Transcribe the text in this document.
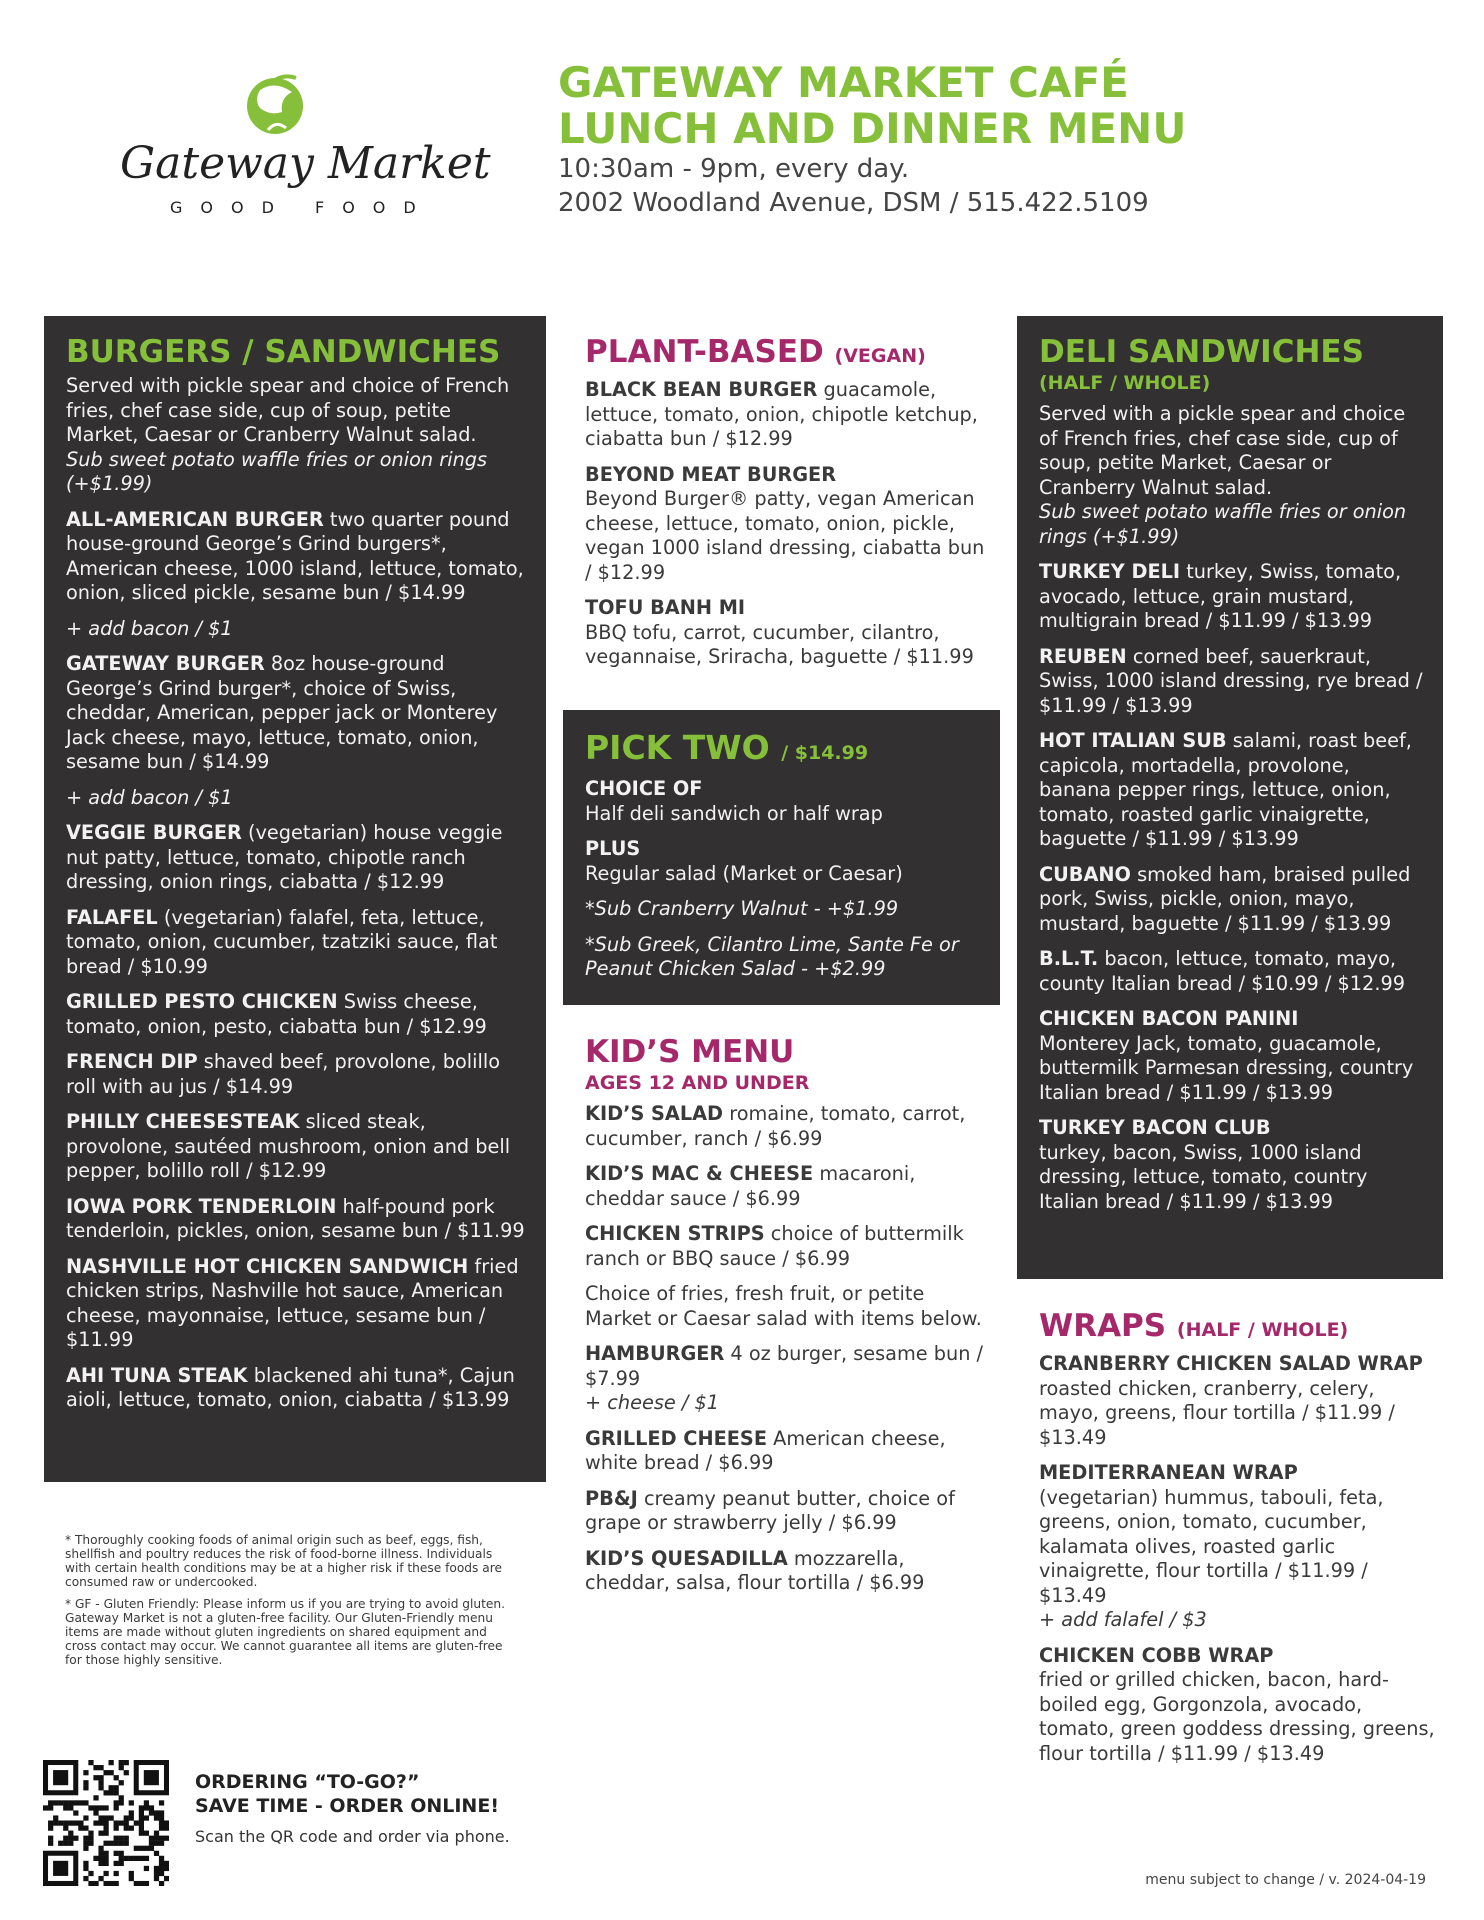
Gateway Market
GOOD FOOD
GATEWAY MARKET CAFÉ
LUNCH AND DINNER MENU
10:30am - 9pm, every day.
2002 Woodland Avenue, DSM / 515.422.5109
BURGERS / SANDWICHES

Served with pickle spear and choice of French fries, chef case side, cup of soup, petite Market, Caesar or Cranberry Walnut salad.

Sub sweet potato waffle fries or onion rings (+$1.99)

ALL-AMERICAN BURGER two quarter pound house-ground George’s Grind burgers*, American cheese, 1000 island, lettuce, tomato, onion, sliced pickle, sesame bun / $14.99

+ add bacon / $1

GATEWAY BURGER 8oz house-ground George’s Grind burger*, choice of Swiss, cheddar, American, pepper jack or Monterey Jack cheese, mayo, lettuce, tomato, onion, sesame bun / $14.99

+ add bacon / $1

VEGGIE BURGER (vegetarian) house veggie nut patty, lettuce, tomato, chipotle ranch dressing, onion rings, ciabatta / $12.99

FALAFEL (vegetarian) falafel, feta, lettuce, tomato, onion, cucumber, tzatziki sauce, flat bread / $10.99

GRILLED PESTO CHICKEN Swiss cheese, tomato, onion, pesto, ciabatta bun / $12.99

FRENCH DIP shaved beef, provolone, bolillo roll with au jus / $14.99

PHILLY CHEESESTEAK sliced steak, provolone, sautéed mushroom, onion and bell pepper, bolillo roll / $12.99

IOWA PORK TENDERLOIN half-pound pork tenderloin, pickles, onion, sesame bun / $11.99

NASHVILLE HOT CHICKEN SANDWICH fried chicken strips, Nashville hot sauce, American cheese, mayonnaise, lettuce, sesame bun / $11.99

AHI TUNA STEAK blackened ahi tuna*, Cajun aioli, lettuce, tomato, onion, ciabatta / $13.99

PLANT-BASED (VEGAN)

BLACK BEAN BURGER guacamole, lettuce, tomato, onion, chipotle ketchup, ciabatta bun / $12.99

BEYOND MEAT BURGER
Beyond Burger® patty, vegan American cheese, lettuce, tomato, onion, pickle, vegan 1000 island dressing, ciabatta bun / $12.99

TOFU BANH MI
BBQ tofu, carrot, cucumber, cilantro, vegannaise, Sriracha, baguette / $11.99

PICK TWO / $14.99

CHOICE OF
Half deli sandwich or half wrap

PLUS
Regular salad (Market or Caesar)

*Sub Cranberry Walnut - +$1.99

*Sub Greek, Cilantro Lime, Sante Fe or Peanut Chicken Salad - +$2.99

KID’S MENU
AGES 12 AND UNDER

KID’S SALAD romaine, tomato, carrot, cucumber, ranch / $6.99

KID’S MAC & CHEESE macaroni, cheddar sauce / $6.99

CHICKEN STRIPS choice of buttermilk ranch or BBQ sauce / $6.99

Choice of fries, fresh fruit, or petite Market or Caesar salad with items below.

HAMBURGER 4 oz burger, sesame bun / $7.99
+ cheese / $1

GRILLED CHEESE American cheese, white bread / $6.99

PB&J creamy peanut butter, choice of grape or strawberry jelly / $6.99

KID’S QUESADILLA mozzarella, cheddar, salsa, flour tortilla / $6.99

DELI SANDWICHES
(HALF / WHOLE)

Served with a pickle spear and choice of French fries, chef case side, cup of soup, petite Market, Caesar or Cranberry Walnut salad.

Sub sweet potato waffle fries or onion rings (+$1.99)

TURKEY DELI turkey, Swiss, tomato, avocado, lettuce, grain mustard, multigrain bread / $11.99 / $13.99

REUBEN corned beef, sauerkraut, Swiss, 1000 island dressing, rye bread / $11.99 / $13.99

HOT ITALIAN SUB salami, roast beef, capicola, mortadella, provolone, banana pepper rings, lettuce, onion, tomato, roasted garlic vinaigrette, baguette / $11.99 / $13.99

CUBANO smoked ham, braised pulled pork, Swiss, pickle, onion, mayo, mustard, baguette / $11.99 / $13.99

B.L.T. bacon, lettuce, tomato, mayo, county Italian bread / $10.99 / $12.99

CHICKEN BACON PANINI
Monterey Jack, tomato, guacamole, buttermilk Parmesan dressing, country Italian bread / $11.99 / $13.99

TURKEY BACON CLUB
turkey, bacon, Swiss, 1000 island dressing, lettuce, tomato, country Italian bread / $11.99 / $13.99

WRAPS (HALF / WHOLE)

CRANBERRY CHICKEN SALAD WRAP roasted chicken, cranberry, celery, mayo, greens, flour tortilla / $11.99 / $13.49

MEDITERRANEAN WRAP
(vegetarian) hummus, tabouli, feta, greens, onion, tomato, cucumber, kalamata olives, roasted garlic vinaigrette, flour tortilla / $11.99 / $13.49
+ add falafel / $3

CHICKEN COBB WRAP
fried or grilled chicken, bacon, hard-boiled egg, Gorgonzola, avocado, tomato, green goddess dressing, greens, flour tortilla / $11.99 / $13.49

* Thoroughly cooking foods of animal origin such as beef, eggs, fish, shellfish and poultry reduces the risk of food-borne illness. Individuals with certain health conditions may be at a higher risk if these foods are consumed raw or undercooked.

* GF - Gluten Friendly: Please inform us if you are trying to avoid gluten. Gateway Market is not a gluten-free facility. Our Gluten-Friendly menu items are made without gluten ingredients on shared equipment and cross contact may occur. We cannot guarantee all items are gluten-free for those highly sensitive.

ORDERING “TO-GO?”
SAVE TIME - ORDER ONLINE!
Scan the QR code and order via phone.
menu subject to change / v. 2024-04-19
